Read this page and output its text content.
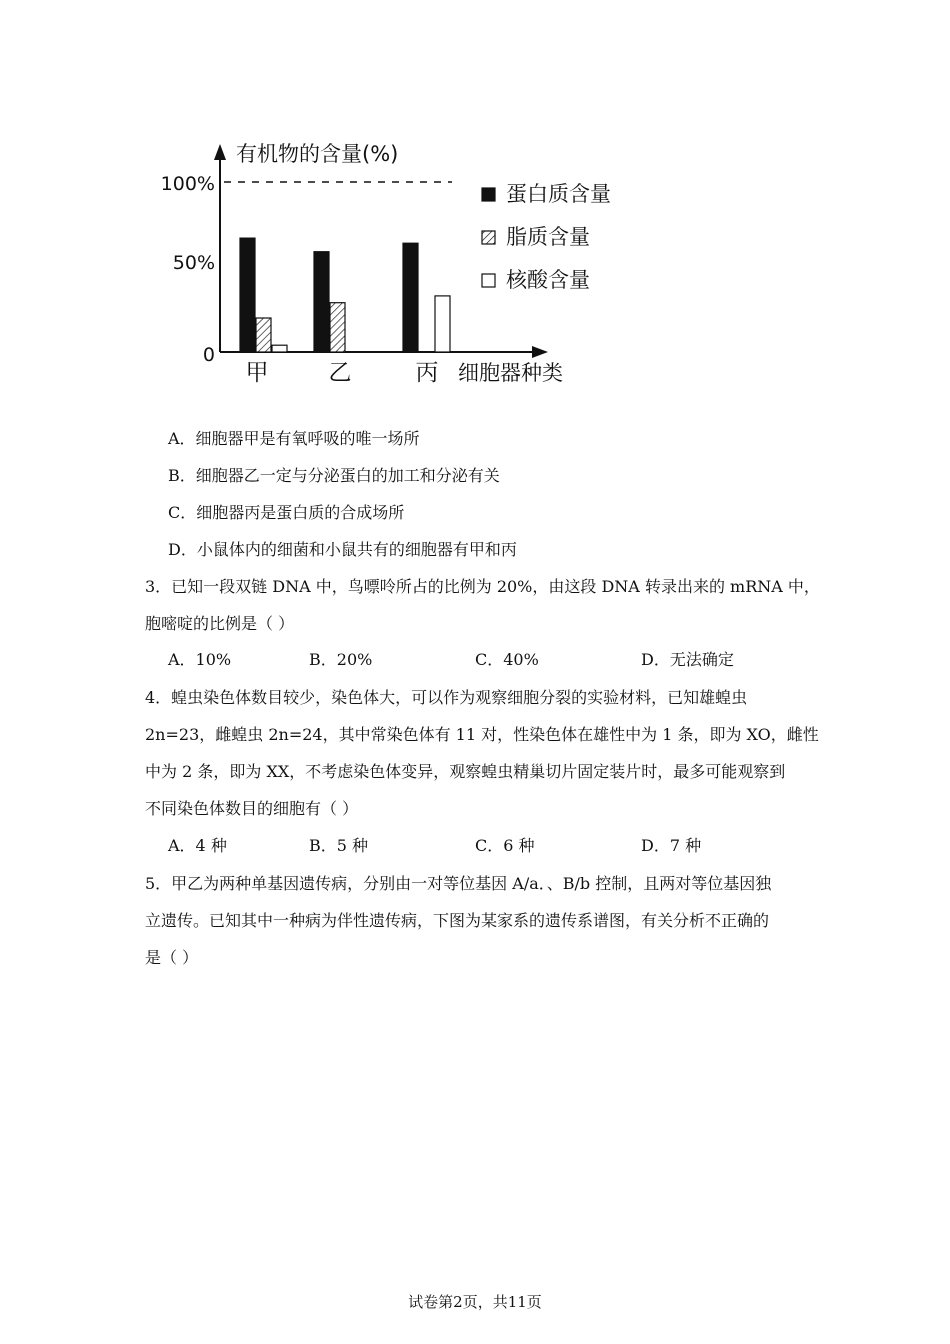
有机物的含量(%)
100%
50%
0
细胞器种类
甲	乙	丙
蛋白质含量
脂质含量
核酸含量
A．细胞器甲是有氧呼吸的唯一场所
B．细胞器乙一定与分泌蛋白的加工和分泌有关
C．细胞器丙是蛋白质的合成场所
D．小鼠体内的细菌和小鼠共有的细胞器有甲和丙
3．已知一段双链 DNA 中，鸟嘌呤所占的比例为 20%，由这段 DNA 转录出来的 mRNA 中，
胞嘧啶的比例是（ ）
A．10%	B．20%	C．40%	D．无法确定
4．蝗虫染色体数目较少，染色体大，可以作为观察细胞分裂的实验材料，已知雄蝗虫
2n=23，雌蝗虫 2n=24，其中常染色体有 11 对，性染色体在雄性中为 1 条，即为 XO，雌性
中为 2 条，即为 XX，不考虑染色体变异，观察蝗虫精巢切片固定装片时，最多可能观察到
不同染色体数目的细胞有（ ）
A．4 种	B．5 种	C．6 种	D．7 种
5．甲乙为两种单基因遗传病，分别由一对等位基因 A/a．、B/b 控制，且两对等位基因独
立遗传。已知其中一种病为伴性遗传病，下图为某家系的遗传系谱图，有关分析不正确的
是（ ）
试卷第2页，共11页
